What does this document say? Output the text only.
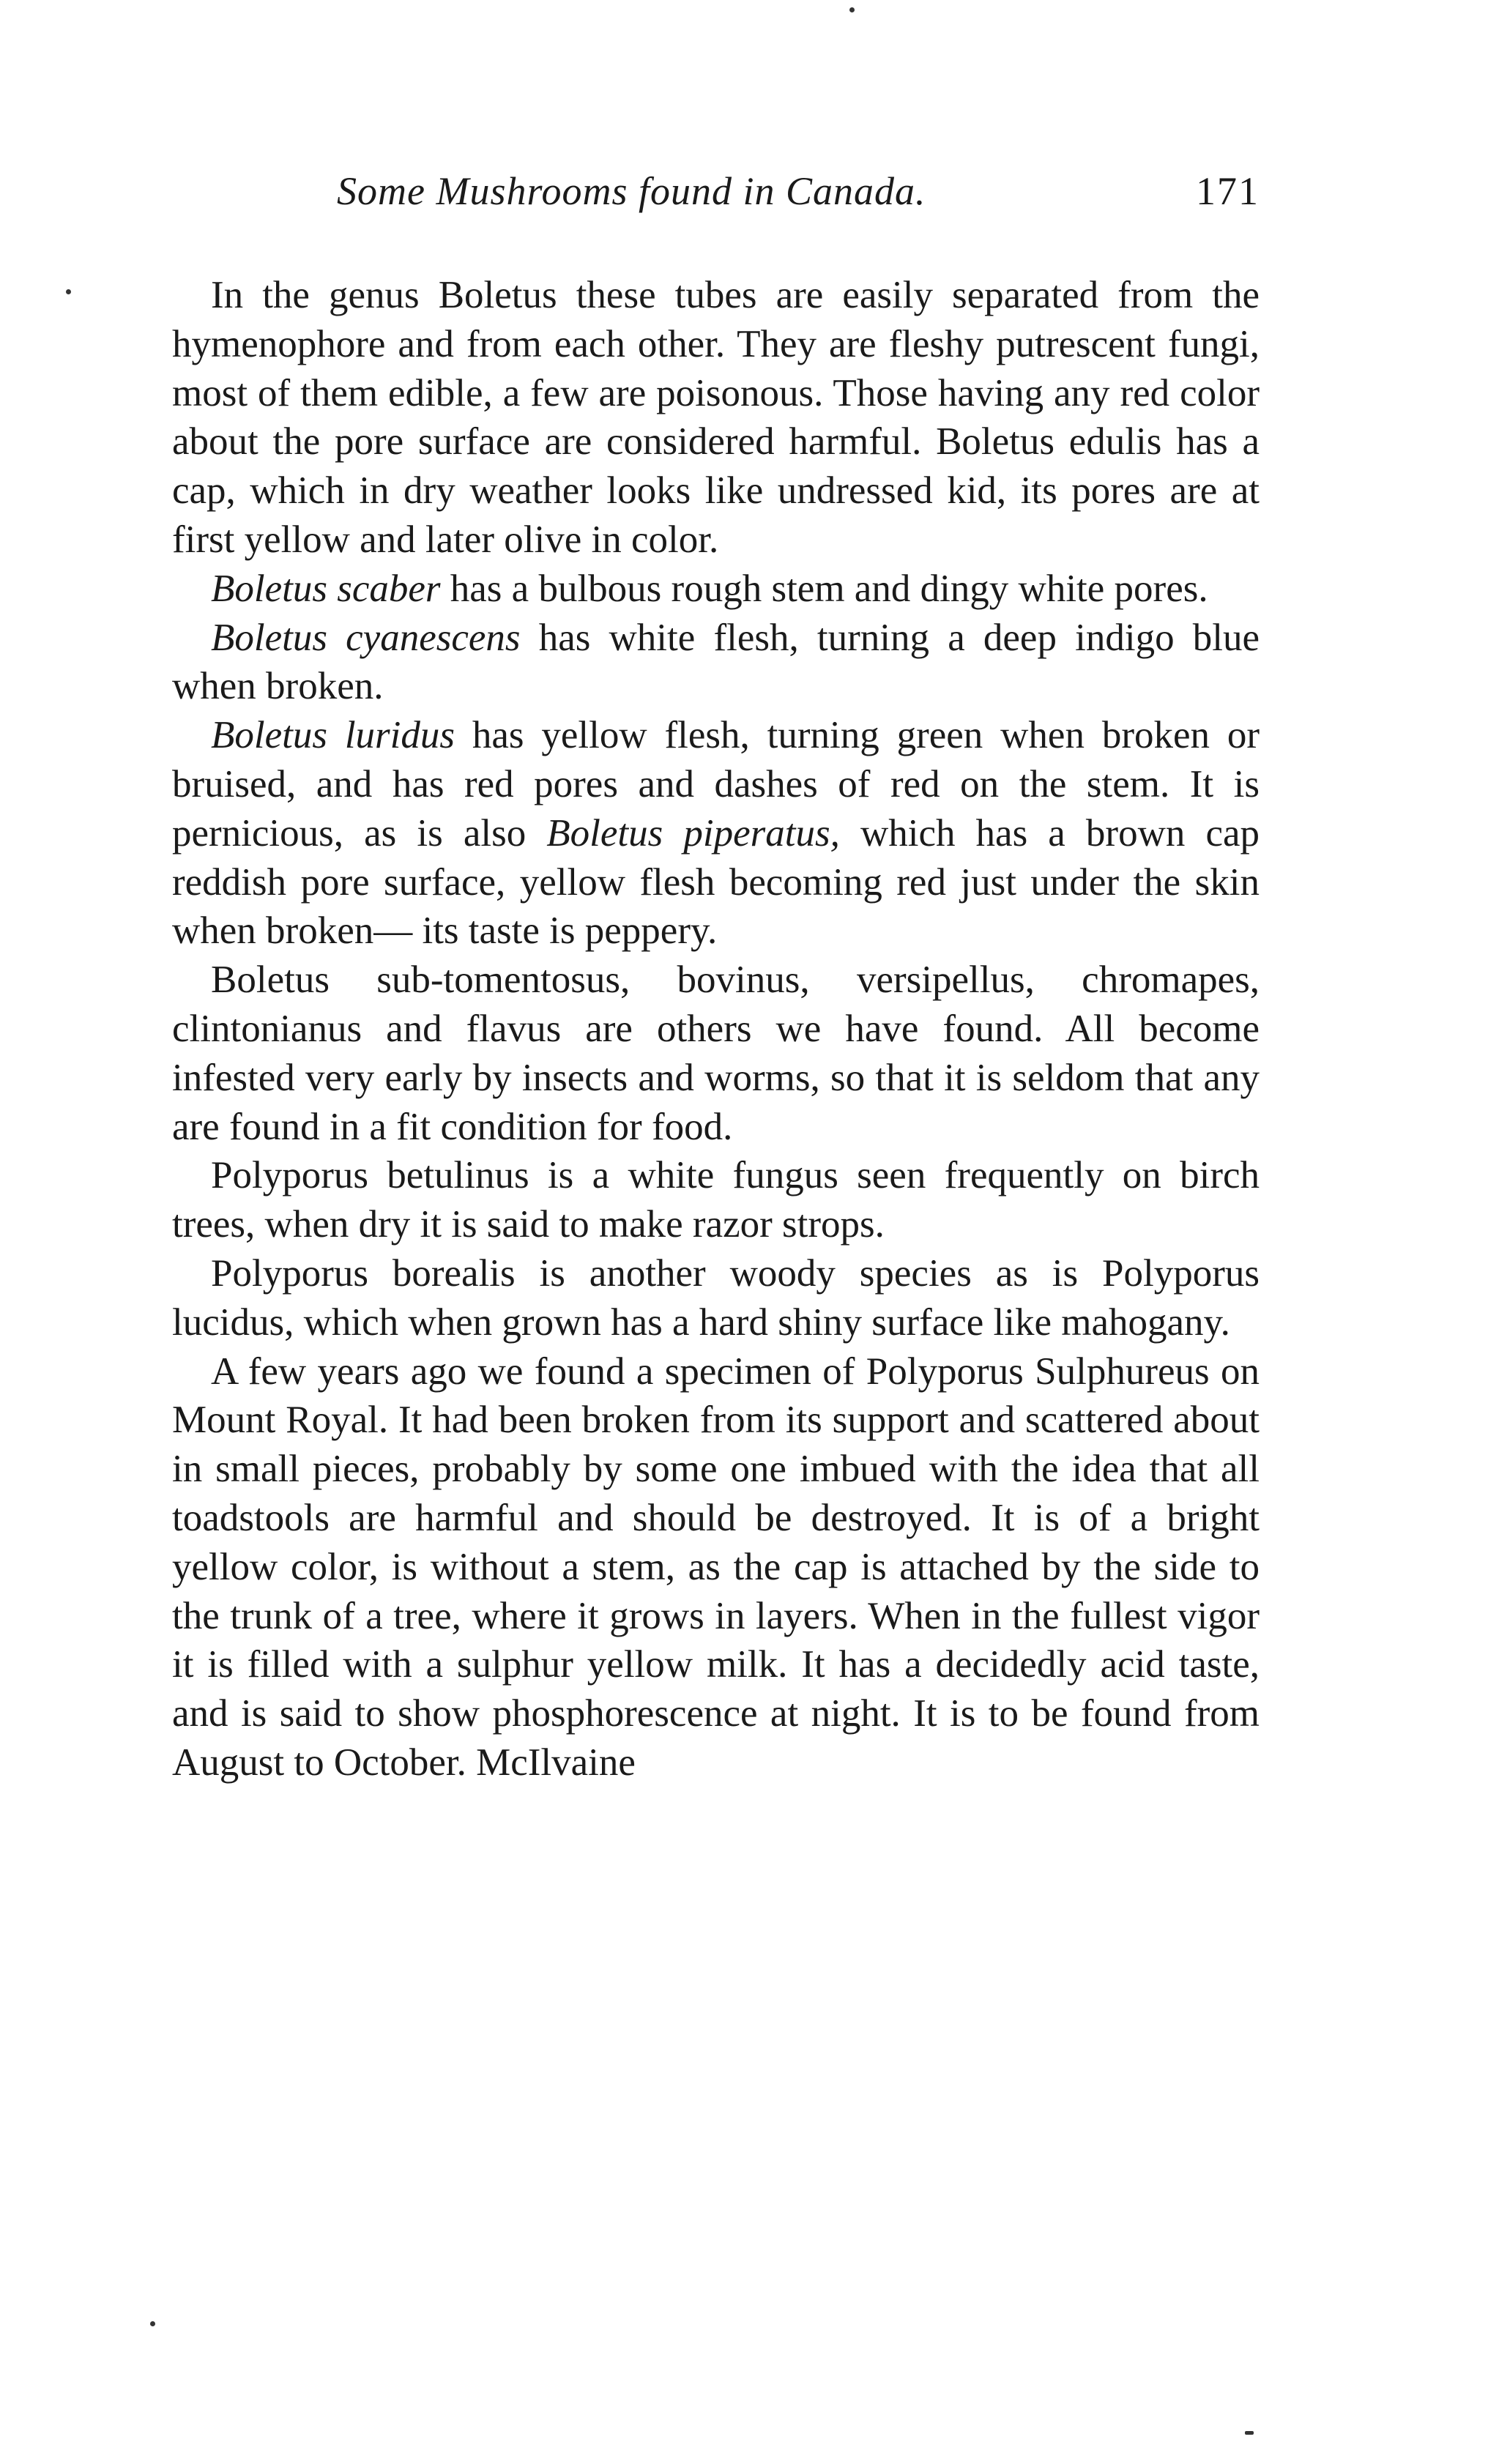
Some Mushrooms found in Canada.	171

In the genus Boletus these tubes are easily separated from the hymenophore and from each other. They are fleshy putrescent fungi, most of them edible, a few are poisonous. Those having any red color about the pore surface are considered harmful. Boletus edulis has a cap, which in dry weather looks like undressed kid, its pores are at first yellow and later olive in color.

Boletus scaber has a bulbous rough stem and dingy white pores.

Boletus cyanescens has white flesh, turning a deep indigo blue when broken.

Boletus luridus has yellow flesh, turning green when broken or bruised, and has red pores and dashes of red on the stem. It is pernicious, as is also Boletus piperatus, which has a brown cap reddish pore surface, yellow flesh becoming red just under the skin when broken— its taste is peppery.

Boletus sub-tomentosus, bovinus, versipellus, chromapes, clintonianus and flavus are others we have found. All become infested very early by insects and worms, so that it is seldom that any are found in a fit condition for food.

Polyporus betulinus is a white fungus seen frequently on birch trees, when dry it is said to make razor strops.

Polyporus borealis is another woody species as is Polyporus lucidus, which when grown has a hard shiny surface like mahogany.

A few years ago we found a specimen of Polyporus Sulphureus on Mount Royal. It had been broken from its support and scattered about in small pieces, probably by some one imbued with the idea that all toadstools are harmful and should be destroyed. It is of a bright yellow color, is without a stem, as the cap is attached by the side to the trunk of a tree, where it grows in layers. When in the fullest vigor it is filled with a sulphur yellow milk. It has a decidedly acid taste, and is said to show phosphorescence at night. It is to be found from August to October. McIlvaine
